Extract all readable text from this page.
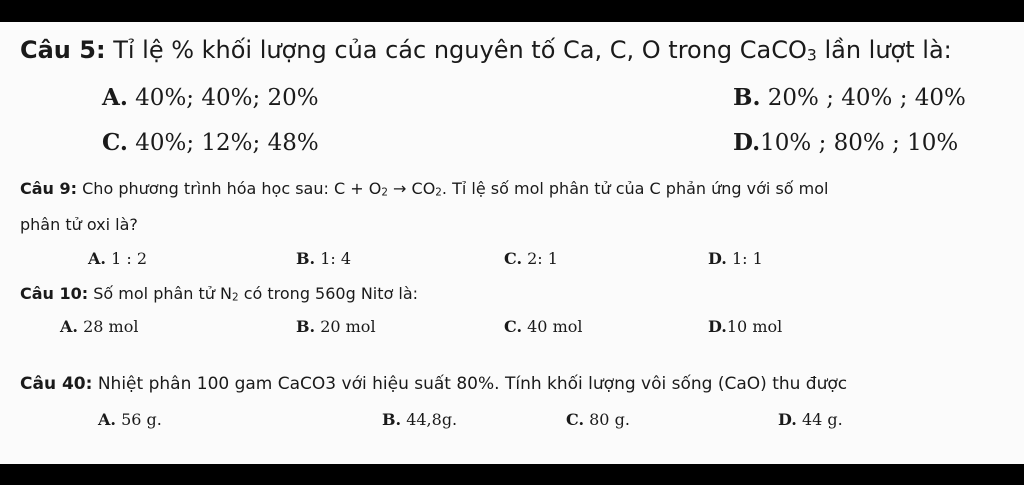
Câu 5: Tỉ lệ % khối lượng của các nguyên tố Ca, C, O trong CaCO$_3$ lần lượt là:
A. 40%; 40%; 20%	B. 20% ; 40% ; 40%
C. 40%; 12%; 48%	D.10% ; 80% ; 10%
Câu 9: Cho phương trình hóa học sau: $C + O_2 \to CO_2$. Tỉ lệ số mol phân tử của C phản ứng với số mol
phân tử oxi là?
A. 1 : 2	B. 1: 4	C. 2: 1	D. 1: 1
Câu 10: Số mol phân tử $N_2$ có trong 560g Nitơ là:
A. 28 mol	B. 20 mol	C. 40 mol	D.10 mol
Câu 40: Nhiệt phân 100 gam CaCO3 với hiệu suất 80%. Tính khối lượng vôi sống (CaO) thu được
A. 56 g.	B. 44,8g.	C. 80 g.	D. 44 g.
